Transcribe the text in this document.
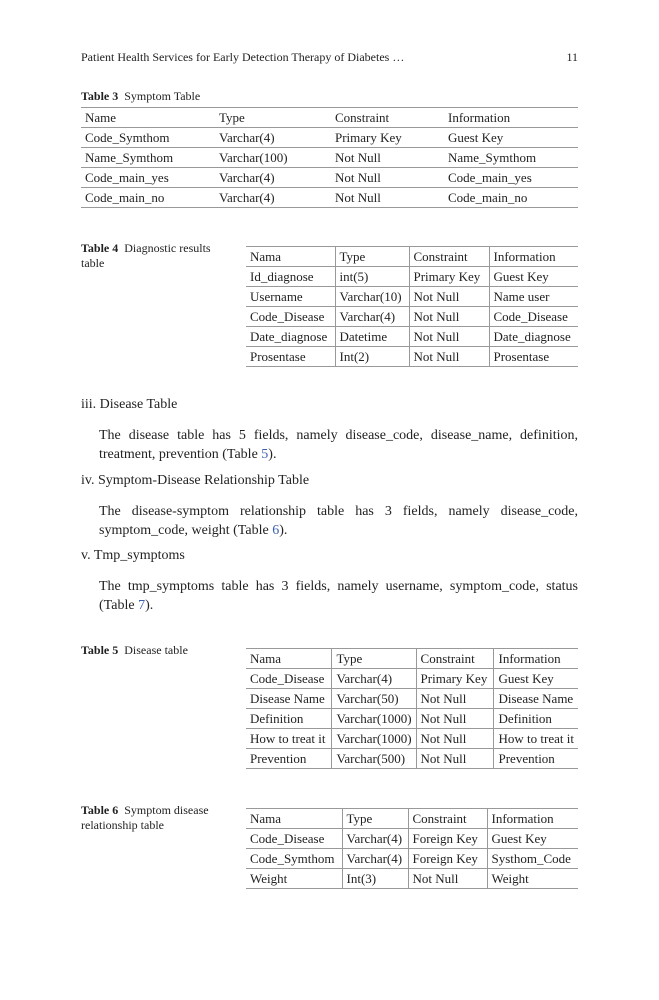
Patient Health Services for Early Detection Therapy of Diabetes …	11
Table 3 Symptom Table
Name	Type	Constraint	Information
Code_Symthom	Varchar(4)	Primary Key	Guest Key
Name_Symthom	Varchar(100)	Not Null	Name_Symthom
Code_main_yes	Varchar(4)	Not Null	Code_main_yes
Code_main_no	Varchar(4)	Not Null	Code_main_no
Table 4 Diagnostic results table	Nama	Type	Constraint	Information
Id_diagnose	int(5)	Primary Key	Guest Key
Username	Varchar(10)	Not Null	Name user
Code_Disease	Varchar(4)	Not Null	Code_Disease
Date_diagnose	Datetime	Not Null	Date_diagnose
Prosentase	Int(2)	Not Null	Prosentase
iii. Disease Table
The disease table has 5 fields, namely disease_code, disease_name, definition, treatment, prevention (Table 5).
iv. Symptom-Disease Relationship Table
The disease-symptom relationship table has 3 fields, namely disease_code, symptom_code, weight (Table 6).
v. Tmp_symptoms
The tmp_symptoms table has 3 fields, namely username, symptom_code, status (Table 7).
Table 5 Disease table
Nama	Type	Constraint	Information
Code_Disease	Varchar(4)	Primary Key	Guest Key
Disease Name	Varchar(50)	Not Null	Disease Name
Definition	Varchar(1000)	Not Null	Definition
How to treat it	Varchar(1000)	Not Null	How to treat it
Prevention	Varchar(500)	Not Null	Prevention
Table 6 Symptom disease relationship table	Nama	Type	Constraint	Information
Code_Disease	Varchar(4)	Foreign Key	Guest Key
Code_Symthom	Varchar(4)	Foreign Key	Systhom_Code
Weight	Int(3)	Not Null	Weight
